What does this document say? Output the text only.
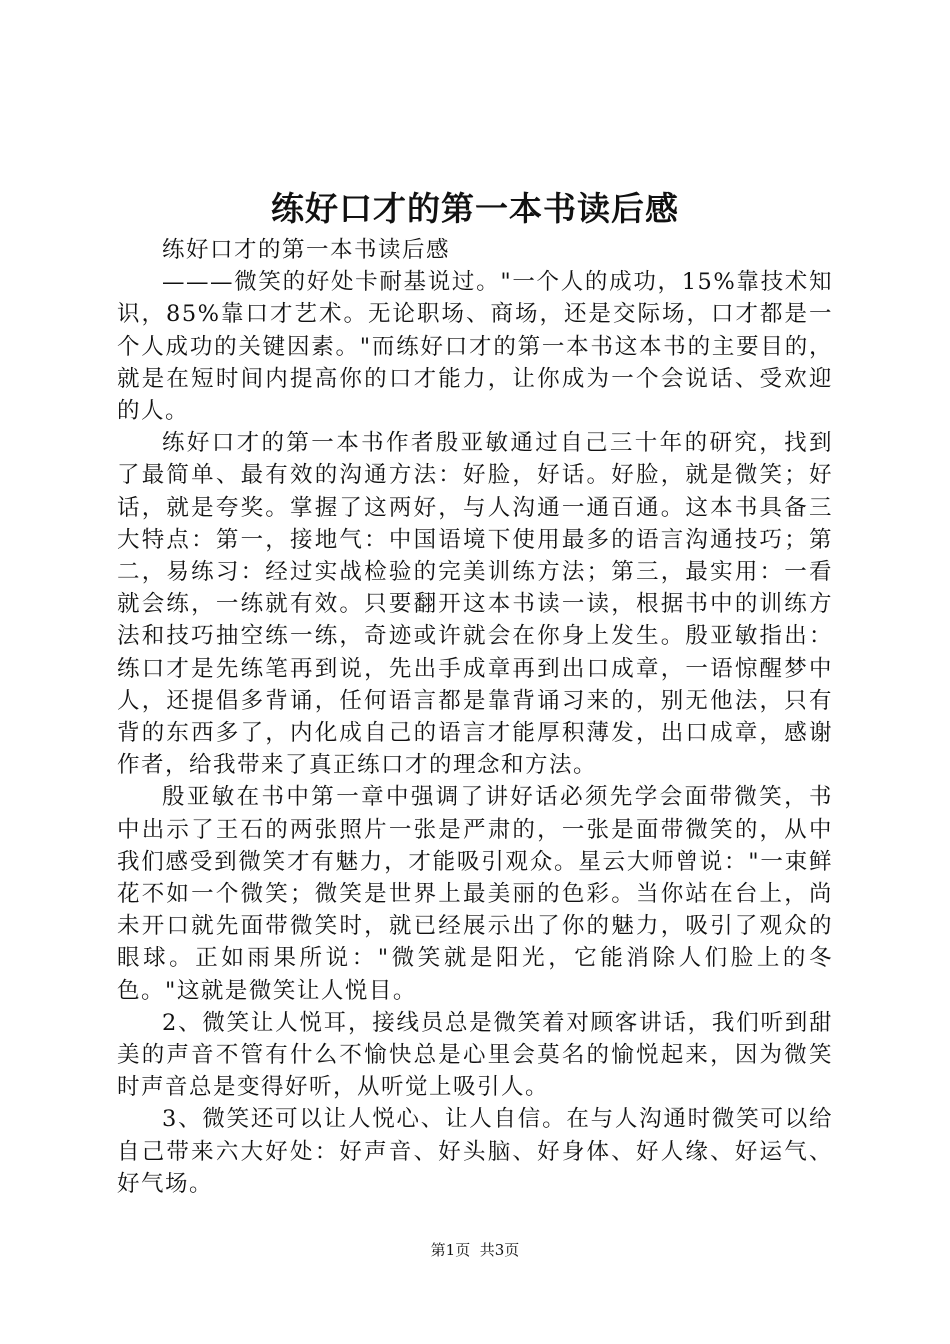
练好口才的第一本书读后感

练好口才的第一本书读后感

———微笑的好处卡耐基说过。"一个人的成功，15%靠技术知识，85%靠口才艺术。无论职场、商场，还是交际场，口才都是一个人成功的关键因素。"而练好口才的第一本书这本书的主要目的，就是在短时间内提高你的口才能力，让你成为一个会说话、受欢迎的人。

练好口才的第一本书作者殷亚敏通过自己三十年的研究，找到了最简单、最有效的沟通方法：好脸，好话。好脸，就是微笑；好话，就是夸奖。掌握了这两好，与人沟通一通百通。这本书具备三大特点：第一，接地气：中国语境下使用最多的语言沟通技巧；第二，易练习：经过实战检验的完美训练方法；第三，最实用：一看就会练，一练就有效。只要翻开这本书读一读，根据书中的训练方法和技巧抽空练一练，奇迹或许就会在你身上发生。殷亚敏指出：练口才是先练笔再到说，先出手成章再到出口成章，一语惊醒梦中人，还提倡多背诵，任何语言都是靠背诵习来的，别无他法，只有背的东西多了，内化成自己的语言才能厚积薄发，出口成章，感谢作者，给我带来了真正练口才的理念和方法。

殷亚敏在书中第一章中强调了讲好话必须先学会面带微笑，书中出示了王石的两张照片一张是严肃的，一张是面带微笑的，从中我们感受到微笑才有魅力，才能吸引观众。星云大师曾说："一束鲜花不如一个微笑；微笑是世界上最美丽的色彩。当你站在台上，尚未开口就先面带微笑时，就已经展示出了你的魅力，吸引了观众的眼球。正如雨果所说："微笑就是阳光，它能消除人们脸上的冬色。"这就是微笑让人悦目。

2、微笑让人悦耳，接线员总是微笑着对顾客讲话，我们听到甜美的声音不管有什么不愉快总是心里会莫名的愉悦起来，因为微笑时声音总是变得好听，从听觉上吸引人。

3、微笑还可以让人悦心、让人自信。在与人沟通时微笑可以给自己带来六大好处：好声音、好头脑、好身体、好人缘、好运气、好气场。

第1页 共3页
